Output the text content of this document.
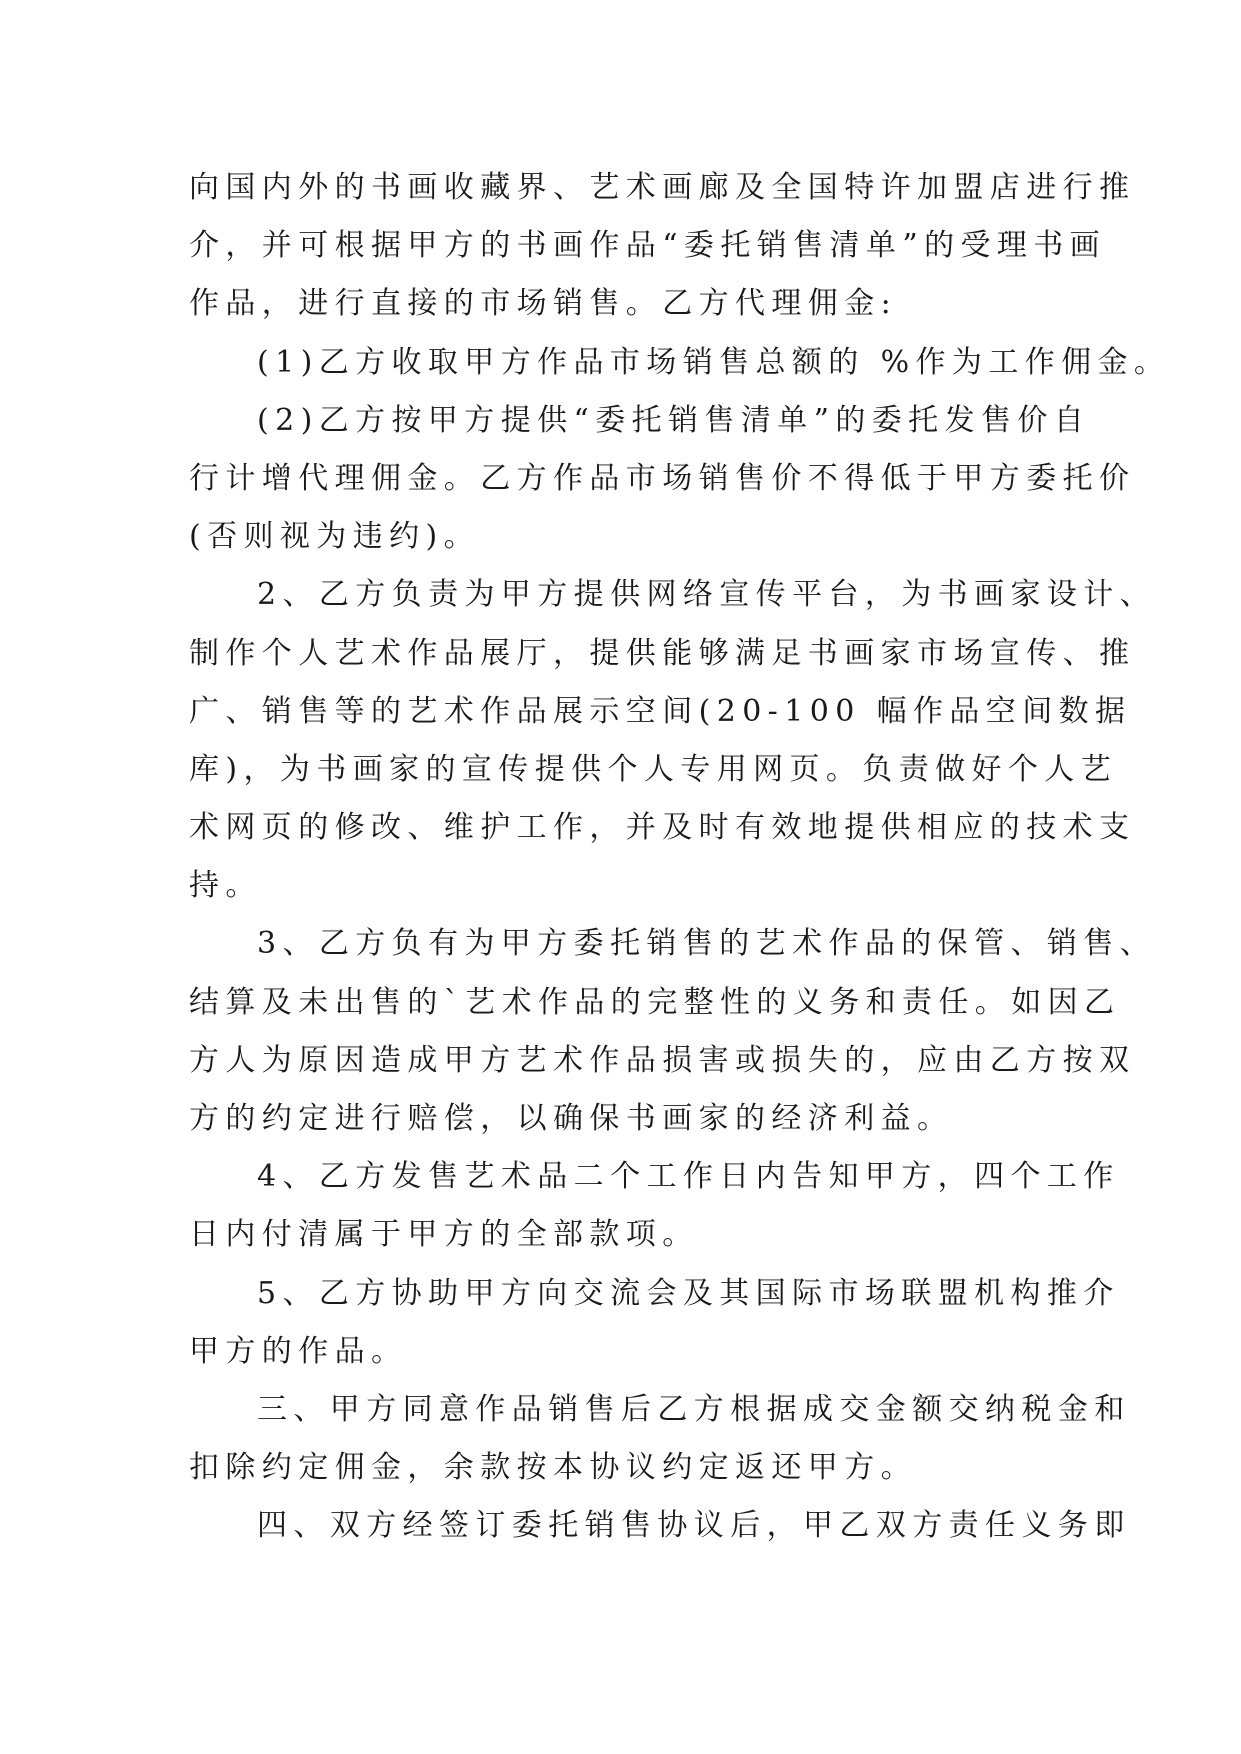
向国内外的书画收藏界、艺术画廊及全国特许加盟店进行推
介，并可根据甲方的书画作品“委托销售清单”的受理书画
作品，进行直接的市场销售。乙方代理佣金:
(1)乙方收取甲方作品市场销售总额的 %作为工作佣金。
(2)乙方按甲方提供“委托销售清单”的委托发售价自
行计增代理佣金。乙方作品市场销售价不得低于甲方委托价
(否则视为违约)。
2、乙方负责为甲方提供网络宣传平台，为书画家设计、
制作个人艺术作品展厅，提供能够满足书画家市场宣传、推
广、销售等的艺术作品展示空间(20-100 幅作品空间数据
库)，为书画家的宣传提供个人专用网页。负责做好个人艺
术网页的修改、维护工作，并及时有效地提供相应的技术支
持。
3、乙方负有为甲方委托销售的艺术作品的保管、销售、
结算及未出售的`艺术作品的完整性的义务和责任。如因乙
方人为原因造成甲方艺术作品损害或损失的，应由乙方按双
方的约定进行赔偿，以确保书画家的经济利益。
4、乙方发售艺术品二个工作日内告知甲方，四个工作
日内付清属于甲方的全部款项。
5、乙方协助甲方向交流会及其国际市场联盟机构推介
甲方的作品。
三、甲方同意作品销售后乙方根据成交金额交纳税金和
扣除约定佣金，余款按本协议约定返还甲方。
四、双方经签订委托销售协议后，甲乙双方责任义务即
